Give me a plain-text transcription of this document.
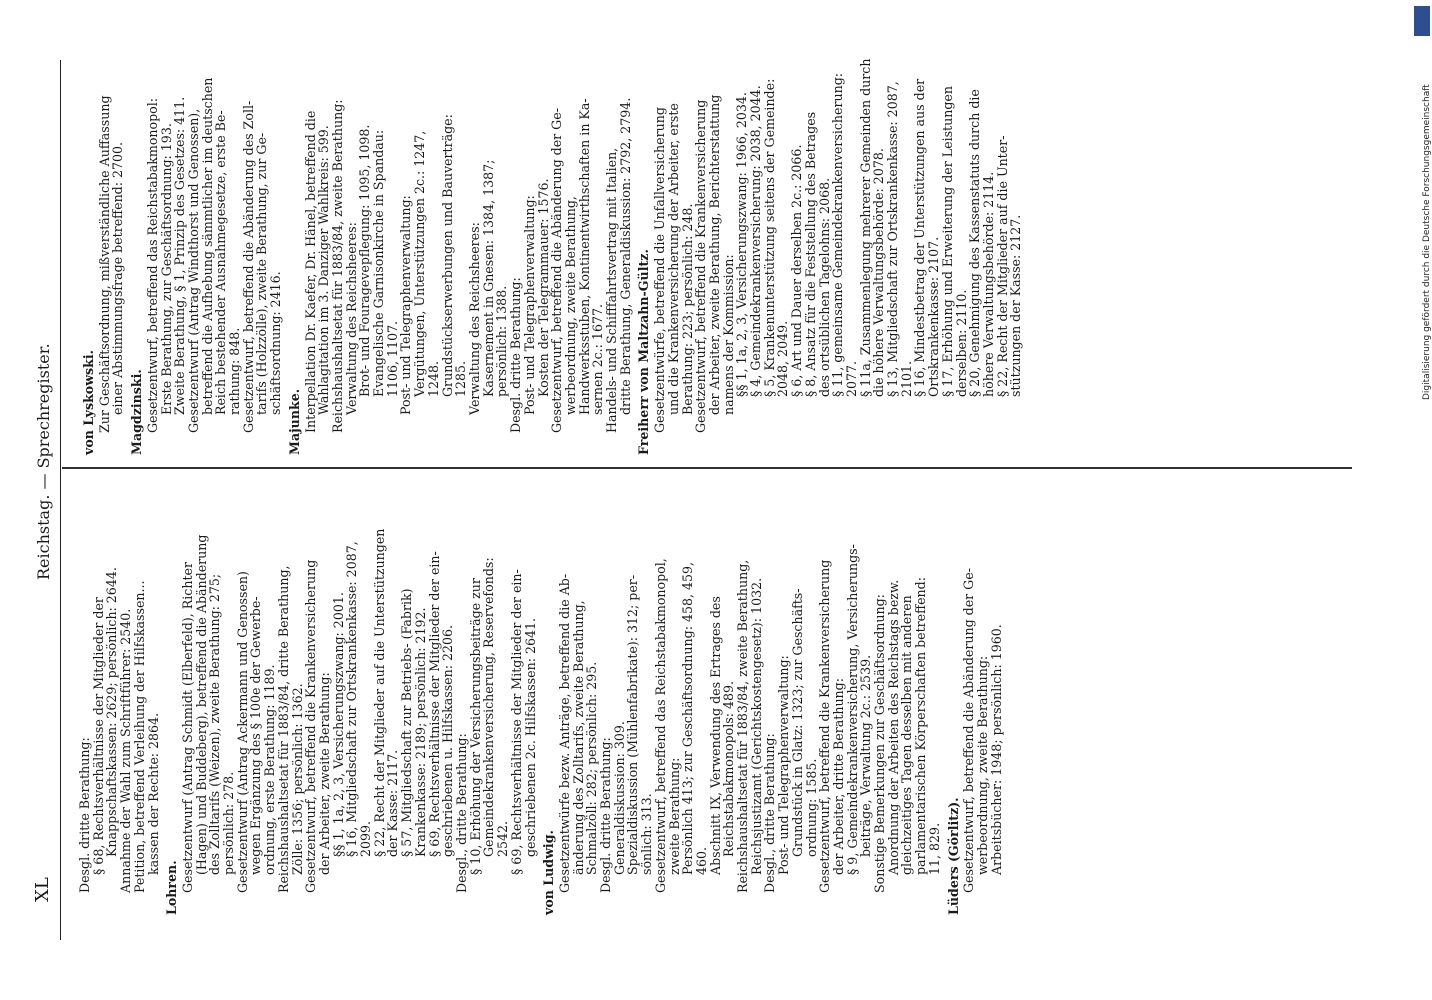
XL
Reichstag. — Sprechregister.
Desgl. dritte Berathung:
§ 68, Rechtsverhältnisse der Mitglieder der
Knappschaftskassen: 2629; persönlich: 2644.
Annahme der Wahl zum Schriftführer: 2540.
Petition, betreffend Verleihung der Hilfskassen...
kassen der Rechte: 2864.
Lohren. Gesetzentwurf (Antrag Schmidt (Elberfeld), Richter
(Hagen) und Buddeberg), betreffend die Abänderung
des Zolltarifs (Weizen), zweite Berathung: 275;
persönlich: 278.
Gesetzentwurf (Antrag Ackermann und Genossen)
wegen Ergänzung des § 100e der Gewerbe-
ordnung, erste Berathung: 1189.
Reichshaushaltsetat für 1883/84, dritte Berathung,
Zölle: 1356; persönlich: 1362.
Gesetzentwurf, betreffend die Krankenversicherung
der Arbeiter, zweite Berathung:
§§ 1, 1a, 2, 3, Versicherungszwang: 2001.
§ 16, Mitgliedschaft zur Ortskrankenkasse: 2087,
2099.
§ 22, Recht der Mitglieder auf die Unterstützungen
der Kasse: 2117.
§ 57, Mitgliedschaft zur Betriebs- (Fabrik)
Krankenkasse: 2189; persönlich: 2192.
§ 69, Rechtsverhältnisse der Mitglieder der ein-
geschriebenen u. Hilfskassen: 2206.
Desgl., dritte Berathung:
§ 10, Erhöhung der Versicherungsbeiträge zur
Gemeindekrankenversicherung, Reservefonds:
2542.
§ 69, Rechtsverhältnisse der Mitglieder der ein-
geschriebenen 2c. Hilfskassen: 2641.
von Ludwig. Gesetzentwürfe bezw. Anträge, betreffend die Ab-
änderung des Zolltarifs, zweite Berathung,
Schmalzöll: 282; persönlich: 295.
Desgl. dritte Berathung:
Generaldiskussion: 309.
Spezialdiskussion (Mühlenfabrikate): 312; per-
sönlich: 313.
Gesetzentwurf, betreffend das Reichstabakmonopol,
zweite Berathung:
Persönlich 413; zur Geschäftsordnung: 458, 459,
460.
Abschnitt IX, Verwendung des Ertrages des
Reichstabakmonopols: 489.
Reichshaushaltsetat für 1883/84, zweite Berathung,
Reichsjustizamt (Gerichtskostengesetz): 1032.
Desgl., dritte Berathung:
Post- und Telegraphenverwaltung:
Grundstück in Glatz: 1323; zur Geschäfts-
ordnung: 1585.
Gesetzentwurf, betreffend die Krankenversicherung
der Arbeiter, dritte Berathung:
§ 9, Gemeindekrankenversicherung, Versicherungs-
beiträge, Verwaltung 2c.: 2539.
Sonstige Bemerkungen zur Geschäftsordnung:
Anordnung der Arbeiten des Reichstags bezw.
gleichzeitiges Tagen desselben mit anderen
parlamentarischen Körperschaften betreffend:
11, 829. Lüders (Görlitz). Gesetzentwurf, betreffend die Abänderung der Ge-
werbeordnung, zweite Berathung:
Arbeitsbücher: 1948; persönlich: 1960.
von Lyskowski. Zur Geschäftsordnung, mißverständliche Auffassung
einer Abstimmungsfrage betreffend: 2700. Magdzinski. Gesetzentwurf, betreffend das Reichstabakmonopol:
Erste Berathung, zur Geschäftsordnung: 193.
Zweite Berathung, § 1, Prinzip des Gesetzes: 411.
Gesetzentwurf (Antrag Windthorst und Genossen),
betreffend die Aufhebung sämmtlicher im deutschen
Reich bestehender Ausnahmegesetze, erste Be-
rathung: 848.
Gesetzentwurf, betreffend die Abänderung des Zoll-
tarifs (Holzzölle), zweite Berathung, zur Ge-
schäftsordnung: 2416.
Majunke. Interpellation Dr. Kaefer, Dr. Hänel, betreffend die
Wahlagitation im 3. Danziger Wahlkreis: 599.
Reichshaushaltsetat für 1883/84, zweite Berathung:
Verwaltung des Reichsheeres:
Brot- und Fouragevepflegung: 1095, 1098.
Evangelische Garnisonkirche in Spandau:
1106, 1107.
Post- und Telegraphenverwaltung:
Vergütungen, Unterstützungen 2c.: 1247,
1248.
Grundstückserwerbungen und Bauverträge:
1285.
Verwaltung des Reichsheeres:
Kasernement in Gnesen: 1384, 1387;
persönlich: 1388.
Desgl. dritte Berathung:
Post- und Telegraphenverwaltung:
Kosten der Telegrammauer: 1576.
Gesetzentwurf, betreffend die Abänderung der Ge-
werbeordnung, zweite Berathung,
Handwerksstuben, Kontinentwirthschaften in Ka-
sernen 2c.: 1677.
Handels- und Schifffahrtsvertrag mit Italien,
dritte Berathung, Generaldiskussion: 2792, 2794. Freiherr von Maltzahn-Gültz. Gesetzentwürfe, betreffend die Unfallversicherung
und die Krankenversicherung der Arbeiter, erste
Berathung: 223; persönlich: 248.
Gesetzentwurf, betreffend die Krankenversicherung
der Arbeiter, zweite Berathung, Berichterstattung
namens der Kommission:
§§ 1, 1a, 2, 3, Versicherungszwang: 1966, 2034.
§ 4, Gemeindekrankenversicherung: 2038, 2044.
§ 5, Krankenunterstützung seitens der Gemeinde:
2048, 2049.
§ 6, Art und Dauer derselben 2c.: 2066.
§ 8, Ansatz für die Feststellung des Betrages
des ortsüblichen Tagelohns: 2068.
§ 11, gemeinsame Gemeindekrankenversicherung:
2077.
§ 11a, Zusammenlegung mehrerer Gemeinden durch
die höhere Verwaltungsbehörde: 2078.
§ 13, Mitgliedschaft zur Ortskrankenkasse: 2087,
2101.
§ 16, Mindestbetrag der Unterstützungen aus der
Ortskrankenkasse: 2107.
§ 17, Erhöhung und Erweiterung der Leistungen
derselben: 2110.
§ 20, Genehmigung des Kassenstatuts durch die
höhere Verwaltungsbehörde: 2114.
§ 22, Recht der Mitglieder auf die Unter-
stützungen der Kasse: 2127.	Digitalisierung gefördert durch die Deutsche Forschungsgemeinschaft
